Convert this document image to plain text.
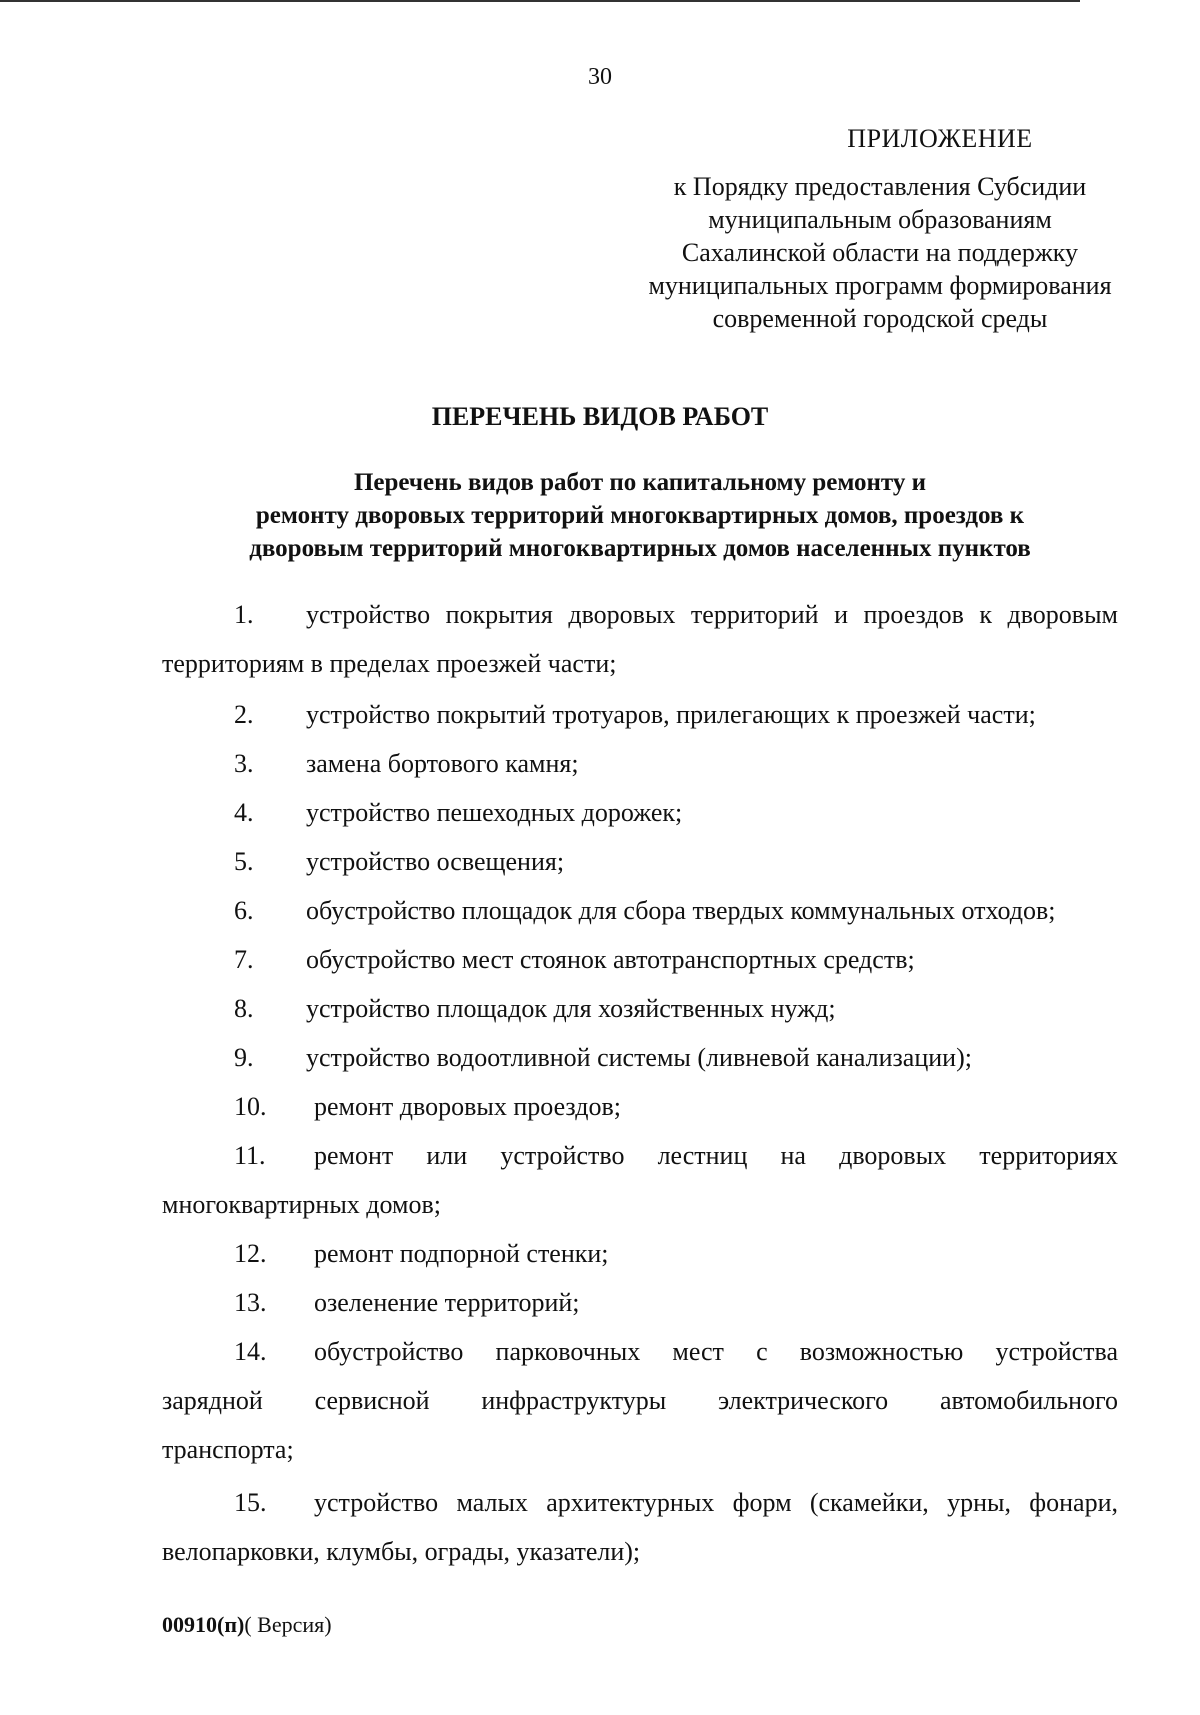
30
ПРИЛОЖЕНИЕ
к Порядку предоставления Субсидии
муниципальным образованиям
Сахалинской области на поддержку
муниципальных программ формирования
современной городской среды
ПЕРЕЧЕНЬ ВИДОВ РАБОТ
Перечень видов работ по капитальному ремонту и
ремонту дворовых территорий многоквартирных домов, проездов к
дворовым территорий многоквартирных домов населенных пунктов
1. устройство покрытия дворовых территорий и проездов к дворовым
территориям в пределах проезжей части;
2. устройство покрытий тротуаров, прилегающих к проезжей части;
3. замена бортового камня;
4. устройство пешеходных дорожек;
5. устройство освещения;
6. обустройство площадок для сбора твердых коммунальных отходов;
7. обустройство мест стоянок автотранспортных средств;
8. устройство площадок для хозяйственных нужд;
9. устройство водоотливной системы (ливневой канализации);
10. ремонт дворовых проездов;
11. ремонт или устройство лестниц на дворовых территориях
многоквартирных домов;
12. ремонт подпорной стенки;
13. озеленение территорий;
14. обустройство парковочных мест с возможностью устройства
зарядной сервисной инфраструктуры электрического автомобильного
транспорта;
15. устройство малых архитектурных форм (скамейки, урны, фонари,
велопарковки, клумбы, ограды, указатели);
00910(п)( Версия)
